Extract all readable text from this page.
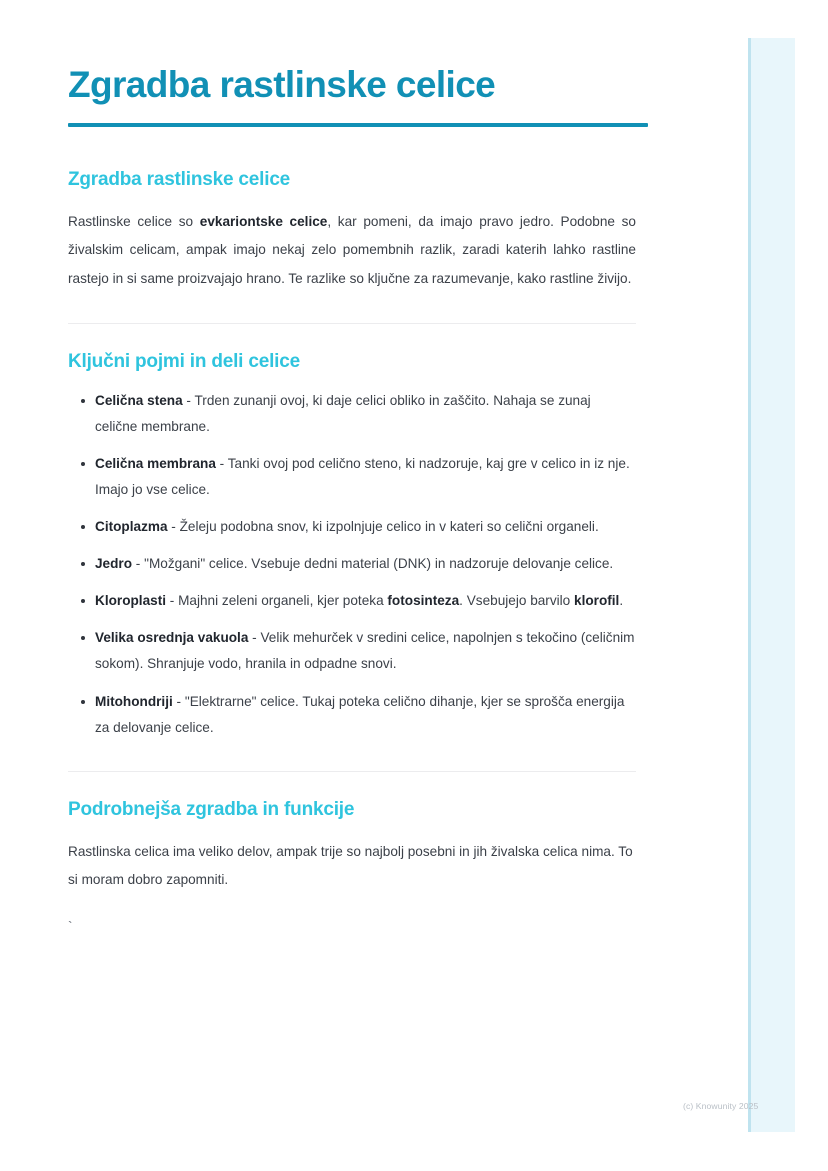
Zgradba rastlinske celice
Zgradba rastlinske celice

Rastlinske celice so evkariontske celice, kar pomeni, da imajo pravo jedro. Podobne so živalskim celicam, ampak imajo nekaj zelo pomembnih razlik, zaradi katerih lahko rastline rastejo in si same proizvajajo hrano. Te razlike so ključne za razumevanje, kako rastline živijo.

Ključni pojmi in deli celice
Celična stena - Trden zunanji ovoj, ki daje celici obliko in zaščito. Nahaja se zunaj celične membrane.
Celična membrana - Tanki ovoj pod celično steno, ki nadzoruje, kaj gre v celico in iz nje. Imajo jo vse celice.
Citoplazma - Želeju podobna snov, ki izpolnjuje celico in v kateri so celični organeli.
Jedro - "Možgani" celice. Vsebuje dedni material (DNK) in nadzoruje delovanje celice.
Kloroplasti - Majhni zeleni organeli, kjer poteka fotosinteza. Vsebujejo barvilo klorofil.
Velika osrednja vakuola - Velik mehurček v sredini celice, napolnjen s tekočino (celičnim sokom). Shranjuje vodo, hranila in odpadne snovi.
Mitohondriji - "Elektrarne" celice. Tukaj poteka celično dihanje, kjer se sprošča energija za delovanje celice.
Podrobnejša zgradba in funkcije

Rastlinska celica ima veliko delov, ampak trije so najbolj posebni in jih živalska celica nima. To si moram dobro zapomniti.

`
(c) Knowunity 2025
